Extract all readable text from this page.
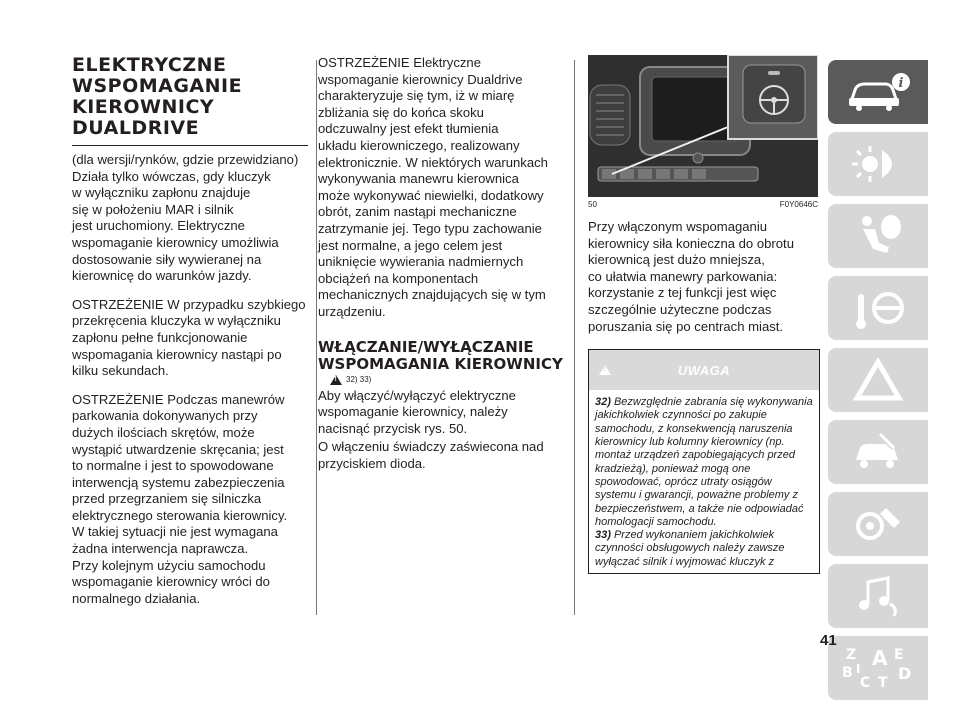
ELEKTRYCZNE WSPOMAGANIE KIEROWNICY DUALDRIVE

(dla wersji/rynków, gdzie przewidziano)
Działa tylko wówczas, gdy kluczyk
w wyłączniku zapłonu znajduje
się w położeniu MAR i silnik
jest uruchomiony. Elektryczne
wspomaganie kierownicy umożliwia
dostosowanie siły wywieranej na
kierownicę do warunków jazdy.

OSTRZEŻENIE W przypadku szybkiego
przekręcenia kluczyka w wyłączniku
zapłonu pełne funkcjonowanie
wspomagania kierownicy nastąpi po
kilku sekundach.

OSTRZEŻENIE Podczas manewrów
parkowania dokonywanych przy
dużych ilościach skrętów, może
wystąpić utwardzenie skręcania; jest
to normalne i jest to spowodowane
interwencją systemu zabezpieczenia
przed przegrzaniem się silniczka
elektrycznego sterowania kierownicy.
W takiej sytuacji nie jest wymagana
żadna interwencja naprawcza.
Przy kolejnym użyciu samochodu
wspomaganie kierownicy wróci do
normalnego działania.

OSTRZEŻENIE Elektryczne
wspomaganie kierownicy Dualdrive
charakteryzuje się tym, iż w miarę
zbliżania się do końca skoku
odczuwalny jest efekt tłumienia
układu kierowniczego, realizowany
elektronicznie. W niektórych warunkach
wykonywania manewru kierownica
może wykonywać niewielki, dodatkowy
obrót, zanim nastąpi mechaniczne
zatrzymanie jej. Tego typu zachowanie
jest normalne, a jego celem jest
uniknięcie wywierania nadmiernych
obciążeń na komponentach
mechanicznych znajdujących się w tym
urządzeniu.

WŁĄCZANIE/WYŁĄCZANIE WSPOMAGANIA KIEROWNICY
!
32) 33)

Aby włączyć/wyłączyć elektryczne
wspomaganie kierownicy, należy
nacisnąć przycisk rys. 50.

O włączeniu świadczy zaświecona nad
przyciskiem dioda.

50	F0Y0646C

Przy włączonym wspomaganiu
kierownicy siła konieczna do obrotu
kierownicą jest dużo mniejsza,
co ułatwia manewry parkowania:
korzystanie z tej funkcji jest więc
szczególnie użyteczne podczas
poruszania się po centrach miast.

!
UWAGA
32) Bezwzględnie zabrania się wykonywania jakichkolwiek czynności po zakupie samochodu, z konsekwencją naruszenia kierownicy lub kolumny kierownicy (np. montaż urządzeń zapobiegających przed kradzieżą), ponieważ mogą one spowodować, oprócz utraty osiągów systemu i gwarancji, poważne problemy z bezpieczeństwem, a także nie odpowiadać homologacji samochodu.
33) Przed wykonaniem jakichkolwiek czynności obsługowych należy zawsze wyłączać silnik i wyjmować kluczyk z
i
Z A
B
C D
E
I
T
41
